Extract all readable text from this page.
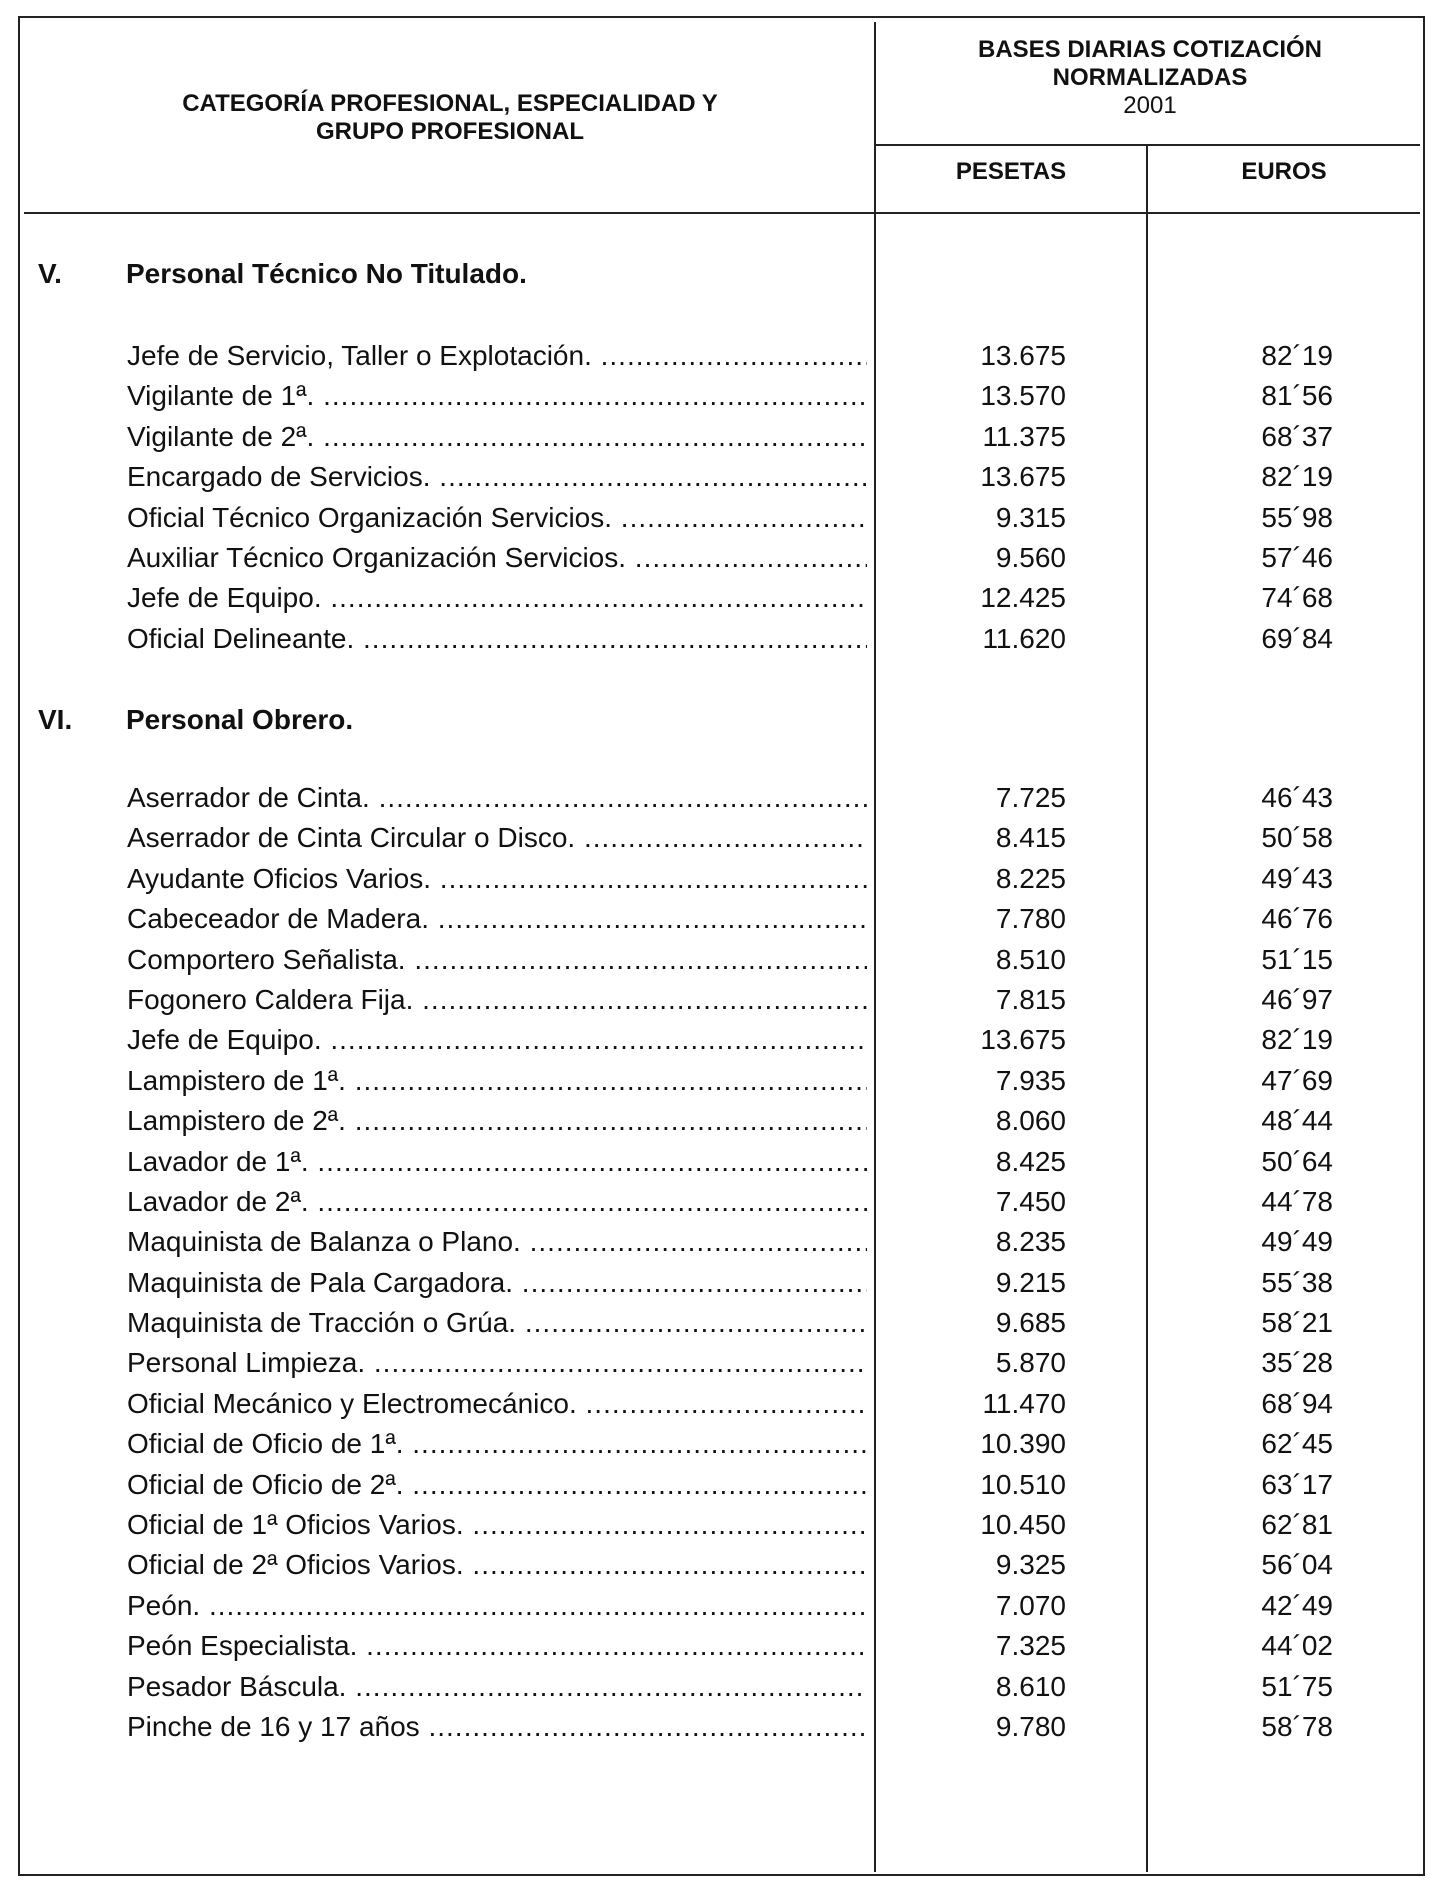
CATEGORÍA PROFESIONAL, ESPECIALIDAD Y
GRUPO PROFESIONAL
BASES DIARIAS COTIZACIÓN
NORMALIZADAS
2001
PESETAS	EUROS
V. Personal Técnico No Titulado.
Jefe de Servicio, Taller o Explotación. .....	13.675	82´19
Vigilante de 1ª. .....	13.570	81´56
Vigilante de 2ª. .....	11.375	68´37
Encargado de Servicios. .....	13.675	82´19
Oficial Técnico Organización Servicios. .....	9.315	55´98
Auxiliar Técnico Organización Servicios. .....	9.560	57´46
Jefe de Equipo. .....	12.425	74´68
Oficial Delineante. .....	11.620	69´84
VI. Personal Obrero.
Aserrador de Cinta. .....	7.725	46´43
Aserrador de Cinta Circular o Disco. .....	8.415	50´58
Ayudante Oficios Varios. .....	8.225	49´43
Cabeceador de Madera. .....	7.780	46´76
Comportero Señalista. .....	8.510	51´15
Fogonero Caldera Fija. .....	7.815	46´97
Jefe de Equipo. .....	13.675	82´19
Lampistero de 1ª. .....	7.935	47´69
Lampistero de 2ª. .....	8.060	48´44
Lavador de 1ª. .....	8.425	50´64
Lavador de 2ª. .....	7.450	44´78
Maquinista de Balanza o Plano. .....	8.235	49´49
Maquinista de Pala Cargadora. .....	9.215	55´38
Maquinista de Tracción o Grúa. .....	9.685	58´21
Personal Limpieza. .....	5.870	35´28
Oficial Mecánico y Electromecánico. .....	11.470	68´94
Oficial de Oficio de 1ª. .....	10.390	62´45
Oficial de Oficio de 2ª. .....	10.510	63´17
Oficial de 1ª Oficios Varios. .....	10.450	62´81
Oficial de 2ª Oficios Varios. .....	9.325	56´04
Peón. .....	7.070	42´49
Peón Especialista. .....	7.325	44´02
Pesador Báscula. .....	8.610	51´75
Pinche de 16 y 17 años .....	9.780	58´78
